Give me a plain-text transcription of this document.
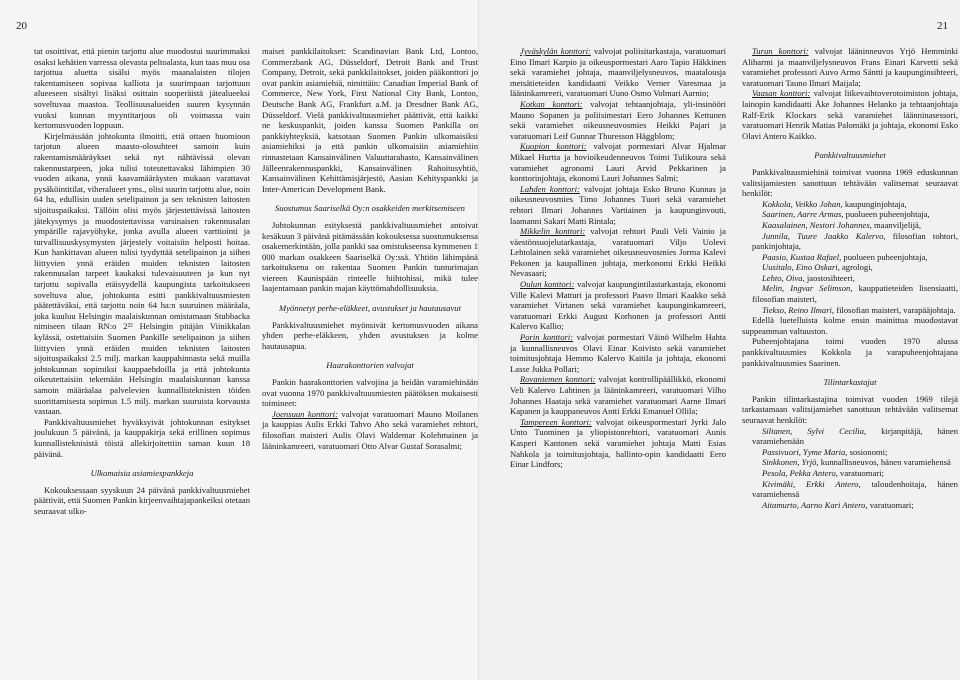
20

tat osoittivat, että pienin tarjottu alue muodostui suurimmaksi osaksi kehätien varressa olevasta peltoalasta, kun taas muu osa tarjottua aluetta sisälsi myös maanalaisten tilojen rakentamiseen sopivaa kalliota ja suurimpaan tarjottuun alueeseen sisältyi lisäksi osittain suoperäistä jätealueeksi soveltuvaa maastoa. Teollisuusalueiden suuren kysynnän vuoksi kunnan myyntitarjous oli voimassa vain kertomusvuoden loppuun.

Kirjelmässään johtokunta ilmoitti, että ottaen huomioon tarjotun alueen maasto-olosuhteet samoin kuin rakentamismääräykset sekä nyt nähtävissä olevan rakennustarpeen, joka tulisi toteutettavaksi lähimpien 30 vuoden aikana, ynnä kaavamääräysten mukaan varattavat pysäköintitilat, viheralueet yms., olisi suurin tarjottu alue, noin 64 ha, edullisin uuden setelipainon ja sen teknisten laitosten sijoituspaikaksi. Tällöin olisi myös järjestettävissä laitosten jätekysymys ja muodostettavissa varsinaisen rakennusalan ympärille rajavyöhyke, jonka avulla alueen varttiointi ja turvallisuuskysymysten järjestely voitaisiin helposti hoitaa. Kun hankittavan alueen tulisi tyydyttää setelipainon ja siihen liittyvien ynnä eräiden muiden teknisten laitosten rakennusalan tarpeet kaukaksi tulevaisuuteen ja kun nyt tarjottu sopivalla etäisyydellä kaupungista tarkoitukseen soveltuva alue, johtokunta esitti pankkivaltuusmiesten päätettäväksi, että tarjottu noin 64 ha:n suuruinen määräala, joka kuuluu Helsingin maalaiskunnan omistamaan Stubbacka nimiseen tilaan RN:o 2²² Helsingin pitäjän Viinikkalan kylässä, ostettaisiin Suomen Pankille setelipainon ja siihen liittyvien ynnä eräiden muiden teknisten laitosten sijoituspaikaksi 2.5 milj. markan kauppahinnasta sekä muilla johtokunnan sopimiksi kauppaehdoilla ja että johtokunta oikeutettaisiin tekemään Helsingin maalaiskunnan kanssa samoin määräalaa palvelevien kunnallisteknisten töiden suorittamisesta sopimus 1.5 milj. markan suuruista korvausta vastaan.

Pankkivaltuusmiehet hyväksyivät johtokunnan esitykset joulukuun 5 päivänä, ja kauppakirja sekä erillinen sopimus kunnallisteknisistä töistä allekirjoitettiin saman kuun 18 päivänä.

Ulkomaisia asiamiespankkeja

Kokouksessaan syyskuun 24 päivänä pankkivaltuusmiehet päättivät, että Suomen Pankin kirjeenvaihtajapankeiksi otetaan seuraavat ulko-

maiset pankkilaitokset: Scandinavian Bank Ltd, Lontoo, Commerzbank AG, Düsseldorf, Detroit Bank and Trust Company, Detroit, sekä pankkilaitokset, joiden pääkonttori jo ovat pankin asiamiehiä, nimittäin: Canadian Imperial Bank of Commerce, New York, First National City Bank, Lontoo, Deutsche Bank AG, Frankfurt a.M. ja Dresdner Bank AG, Düsseldorf. Vielä pankkivaltuusmiehet päättivät, että kaikki ne keskuspankit, joiden kanssa Suomen Pankilla on pankkiyhteyksiä, katsotaan Suomen Pankin ulkomaisiksi asiamiehiksi ja että pankin ulkomaisiin asiamiehiin rinnastetaan Kansainvälinen Valuuttarahasto, Kansainvälinen Jälleenrakennuspankki, Kansainvälinen Rahoitusyhtiö, Kansainvälinen Kehittämisjärjestö, Aasian Kehityspankki ja Inter-American Development Bank.

Suostumus Saariselkä Oy:n osakkeiden merkitsemiseen

Johtokunnan esityksestä pankkivaltuusmiehet antoivat kesäkuun 3 päivänä pitämässään kokouksessa suostumuksensa osakemerkintään, jolla pankki saa omistukseensa kymmenen 1 000 markan osakkeen Saariselkä Oy:ssä. Yhtiön lähimpänä tarkoituksena on rakentaa Suomen Pankin tunturimajan viereen Kaunispään rinteelle hiihtohissi, mikä tulee laajentamaan pankin majan käyttömahdollisuuksia.

Myönnetyt perhe-eläkkeet, avustukset ja hautausavut

Pankkivaltuusmiehet myönsivät kertomusvuoden aikana yhden perhe-eläkkeen, yhden avustuksen ja kolme hautausapua.

Haarakonttorien valvojat

Pankin haarakonttorien valvojina ja heidän varamiehinään ovat vuonna 1970 pankkivaltuusmiesten päätöksen mukaisesti toimineet:

Joensuun konttori: valvojat varatuomari Mauno Moilanen ja kauppias Aulis Erkki Tahvo Aho sekä varamiehet rehtori, filosofian maisteri Aulis Olavi Waldemar Kolehmainen ja lääninkamreeri, varatuomari Otto Alvar Gustaf Sorasalmi;

21

Jyväskylän konttori: valvojat poliisitarkastaja, varatuomari Eino Ilmari Karpio ja oikeuspormestari Aaro Tapio Häkkinen sekä varamiehet johtaja, maanviljelysneuvos, maatalousja metsätieteiden kandidaatti Veikko Verner Varesmaa ja lääninkamreeri, varatuomari Uuno Osmo Volmari Aarnio;

Kotkan konttori: valvojat tehtaanjohtaja, yli-insinööri Mauno Sopanen ja poliisimestari Eero Johannes Kettunen sekä varamiehet oikeusneuvosmies Heikki Pajari ja varatuomari Leif Gunnar Thuresson Häggblom;

Kuopion konttori: valvojat pormestari Alvar Hjalmar Mikael Hurtta ja hovioikeudenneuvos Toimi Tulikoura sekä varamiehet agronomi Lauri Arvid Pekkarinen ja konttorinjohtaja, ekonomi Lauri Johannes Salmi;

Lahden konttori: valvojat johtaja Esko Bruno Kunnas ja oikeusneuvosmies Timo Johannes Tuori sekä varamiehet rehtori Ilmari Johannes Vartiainen ja kaupunginvouti, laamanni Sakari Matti Rintala;

Mikkelin konttori: valvojat rehtori Pauli Veli Vainio ja väestönsuojelutarkastaja, varatuomari Viljo Uolevi Lehtolainen sekä varamiehet oikeusneuvosmies Jorma Kalevi Pekonen ja kaupallinen johtaja, merkonomi Erkki Heikki Nevasaari;

Oulun konttori: valvojat kaupungintilastarkastaja, ekonomi Ville Kalevi Matturi ja professori Paavo Ilmari Kaakko sekä varamiehet Virtanen sekä varamiehet kaupunginkamreeri, varatuomari Erkki August Korhonen ja professori Antti Kalervo Kallio;

Porin konttori: valvojat pormestari Väinö Wilhelm Hahta ja kunnallisneuvos Olavi Einar Koivisto sekä varamiehet toimitusjohtaja Hemmo Kalervo Kaitila ja johtaja, ekonomi Lasse Jukka Pollari;

Rovaniemen konttori: valvojat kontrollipäällikkö, ekonomi Veli Kalervo Lahtinen ja lääninkamreeri, varatuomari Vilho Johannes Haataja sekä varamiehet varatuomari Aarne Ilmari Kapanen ja kauppaneuvos Antti Erkki Emanuel Ollila;

Tampereen konttori: valvojat oikeuspormestari Jyrki Jalo Unto Tuominen ja yliopistonrehtori, varatuomari Aunis Kasperi Kantonen sekä varamiehet johtaja Matti Esias Nahkola ja toimitusjohtaja, hallinto-opin kandidaatti Eero Einar Lindfors;

Turun konttori: valvojat lääninneuvos Yrjö Hemminki Aliharmi ja maanviljelysneuvos Frans Einari Karvetti sekä varamiehet professori Auvo Armo Säntti ja kaupunginsihteeri, varatuomari Tauno Ilmari Maijala;

Vaasan konttori: valvojat liikevaihtoverotoimiston johtaja, lainopin kandidaatti Åke Johannes Helanko ja tehtaanjohtaja Ralf-Erik Klockars sekä varamiehet läänninasessori, varatuomari Henrik Matias Palomäki ja johtaja, ekonomi Esko Olavi Antero Kaikko.

Pankkivaltuusmiehet

Pankkivaltuusmiehinä toimivat vuonna 1969 eduskunnan valitsijamiesten sanottuun tehtävään valitsemat seuraavat henkilöt:

Kokkola, Veikko Johan, kaupunginjohtaja,

Saarinen, Aarre Armas, puolueen puheenjohtaja,

Kaasalainen, Nestori Johannes, maanviljelijä,

Junnila, Tuure Jaakko Kalervo, filosofian tohtori, pankinjohtaja,

Paasio, Kustaa Rafael, puolueen puheenjohtaja,

Uusitalo, Eino Oskari, agrologi,

Lehto, Oiva, jaostosihteeri,

Melin, Ingvar Selimson, kauppatieteiden lisensiaatti, filosofian maisteri,

Tiekso, Reino Ilmari, filosofian maisteri, varapääjohtaja.

Edellä luetelluista kolme ensin mainittua muodostavat suppeamman valtuuston.

Puheenjohtajana toimi vuoden 1970 alussa pankkivaltuusmies Kokkola ja varapuheenjohtajana pankkivaltuusmies Saarinen.

Tilintarkastajat

Pankin tilintarkastajina toimivat vuoden 1969 tilejä tarkastamaan valitsijamiehet sanottuun tehtävään valitsemat seuraavat henkilöt:

Siltanen, Sylvi Cecilia, kirjanpitäjä, hänen varamiehenään

Passivuori, Yyme Maria, sosionomi;

Sinkkonen, Yrjö, kunnallisneuvos, hänen varamiehensä

Pesola, Pekka Antero, varatuomari;

Kivimäki, Erkki Antero, taloudenhoitaja, hänen varamiehensä

Aitamurto, Aarno Kari Antero, varatuomari;
